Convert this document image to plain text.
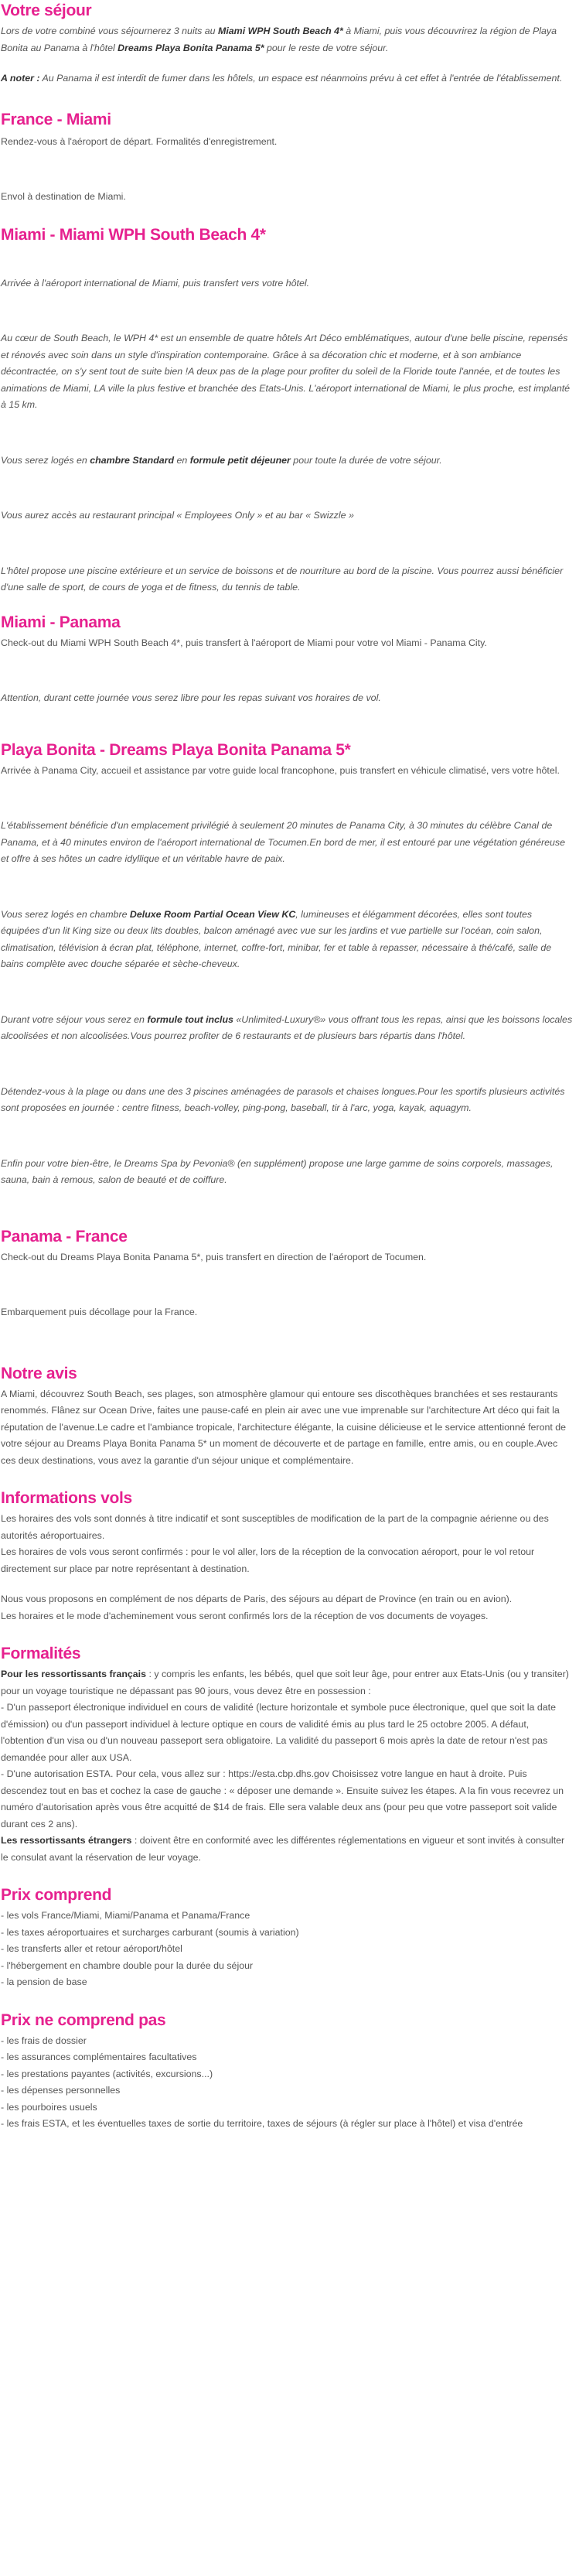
Votre séjour

Lors de votre combiné vous séjournerez 3 nuits au Miami WPH South Beach 4* à Miami, puis vous découvrirez la région de Playa Bonita au Panama à l'hôtel Dreams Playa Bonita Panama 5* pour le reste de votre séjour.

A noter : Au Panama il est interdit de fumer dans les hôtels, un espace est néanmoins prévu à cet effet à l'entrée de l'établissement.

France - Miami

Rendez-vous à l'aéroport de départ. Formalités d'enregistrement.

Envol à destination de Miami.

Miami - Miami WPH South Beach 4*

Arrivée à l'aéroport international de Miami, puis transfert vers votre hôtel.

Au cœur de South Beach, le WPH 4* est un ensemble de quatre hôtels Art Déco emblématiques, autour d'une belle piscine, repensés et rénovés avec soin dans un style d'inspiration contemporaine. Grâce à sa décoration chic et moderne, et à son ambiance décontractée, on s'y sent tout de suite bien !A deux pas de la plage pour profiter du soleil de la Floride toute l'année, et de toutes les animations de Miami, LA ville la plus festive et branchée des Etats-Unis. L'aéroport international de Miami, le plus proche, est implanté à 15 km.

Vous serez logés en chambre Standard en formule petit déjeuner pour toute la durée de votre séjour.

Vous aurez accès au restaurant principal « Employees Only » et au bar « Swizzle »

L'hôtel propose une piscine extérieure et un service de boissons et de nourriture au bord de la piscine. Vous pourrez aussi bénéficier d'une salle de sport, de cours de yoga et de fitness, du tennis de table.

Miami - Panama

Check-out du Miami WPH South Beach 4*, puis transfert à l'aéroport de Miami pour votre vol Miami - Panama City.

Attention, durant cette journée vous serez libre pour les repas suivant vos horaires de vol.

Playa Bonita - Dreams Playa Bonita Panama 5*

Arrivée à Panama City, accueil et assistance par votre guide local francophone, puis transfert en véhicule climatisé, vers votre hôtel.

L'établissement bénéficie d'un emplacement privilégié à seulement 20 minutes de Panama City, à 30 minutes du célèbre Canal de Panama, et à 40 minutes environ de l'aéroport international de Tocumen.En bord de mer, il est entouré par une végétation généreuse et offre à ses hôtes un cadre idyllique et un véritable havre de paix.

Vous serez logés en chambre Deluxe Room Partial Ocean View KC, lumineuses et élégamment décorées, elles sont toutes équipées d'un lit King size ou deux lits doubles, balcon aménagé avec vue sur les jardins et vue partielle sur l'océan, coin salon, climatisation, télévision à écran plat, téléphone, internet, coffre-fort, minibar, fer et table à repasser, nécessaire à thé/café, salle de bains complète avec douche séparée et sèche-cheveux.

Durant votre séjour vous serez en formule tout inclus «Unlimited-Luxury®» vous offrant tous les repas, ainsi que les boissons locales alcoolisées et non alcoolisées.Vous pourrez profiter de 6 restaurants et de plusieurs bars répartis dans l'hôtel.

Détendez-vous à la plage ou dans une des 3 piscines aménagées de parasols et chaises longues.Pour les sportifs plusieurs activités sont proposées en journée : centre fitness, beach-volley, ping-pong, baseball, tir à l'arc, yoga, kayak, aquagym.

Enfin pour votre bien-être, le Dreams Spa by Pevonia® (en supplément) propose une large gamme de soins corporels, massages, sauna, bain à remous, salon de beauté et de coiffure.

Panama - France

Check-out du Dreams Playa Bonita Panama 5*, puis transfert en direction de l'aéroport de Tocumen.

Embarquement puis décollage pour la France.

Notre avis

A Miami, découvrez South Beach, ses plages, son atmosphère glamour qui entoure ses discothèques branchées et ses restaurants renommés. Flânez sur Ocean Drive, faites une pause-café en plein air avec une vue imprenable sur l'architecture Art déco qui fait la réputation de l'avenue.Le cadre et l'ambiance tropicale, l'architecture élégante, la cuisine délicieuse et le service attentionné feront de votre séjour au Dreams Playa Bonita Panama 5* un moment de découverte et de partage en famille, entre amis, ou en couple.Avec ces deux destinations, vous avez la garantie d'un séjour unique et complémentaire.

Informations vols

Les horaires des vols sont donnés à titre indicatif et sont susceptibles de modification de la part de la compagnie aérienne ou des autorités aéroportuaires.

Les horaires de vols vous seront confirmés : pour le vol aller, lors de la réception de la convocation aéroport, pour le vol retour directement sur place par notre représentant à destination.

Nous vous proposons en complément de nos départs de Paris, des séjours au départ de Province (en train ou en avion).

Les horaires et le mode d'acheminement vous seront confirmés lors de la réception de vos documents de voyages.

Formalités

Pour les ressortissants français : y compris les enfants, les bébés, quel que soit leur âge, pour entrer aux Etats-Unis (ou y transiter) pour un voyage touristique ne dépassant pas 90 jours, vous devez être en possession :

- D'un passeport électronique individuel en cours de validité (lecture horizontale et symbole puce électronique, quel que soit la date d'émission) ou d'un passeport individuel à lecture optique en cours de validité émis au plus tard le 25 octobre 2005. A défaut, l'obtention d'un visa ou d'un nouveau passeport sera obligatoire. La validité du passeport 6 mois après la date de retour n'est pas demandée pour aller aux USA.

- D'une autorisation ESTA. Pour cela, vous allez sur : https://esta.cbp.dhs.gov Choisissez votre langue en haut à droite. Puis descendez tout en bas et cochez la case de gauche : « déposer une demande ». Ensuite suivez les étapes. A la fin vous recevrez un numéro d'autorisation après vous être acquitté de $14 de frais. Elle sera valable deux ans (pour peu que votre passeport soit valide durant ces 2 ans).

Les ressortissants étrangers : doivent être en conformité avec les différentes réglementations en vigueur et sont invités à consulter le consulat avant la réservation de leur voyage.

Prix comprend
- les vols France/Miami, Miami/Panama et Panama/France
- les taxes aéroportuaires et surcharges carburant (soumis à variation)
- les transferts aller et retour aéroport/hôtel
- l'hébergement en chambre double pour la durée du séjour
- la pension de base
Prix ne comprend pas
- les frais de dossier
- les assurances complémentaires facultatives
- les prestations payantes (activités, excursions...)
- les dépenses personnelles
- les pourboires usuels
- les frais ESTA, et les éventuelles taxes de sortie du territoire, taxes de séjours (à régler sur place à l'hôtel) et visa d'entrée
